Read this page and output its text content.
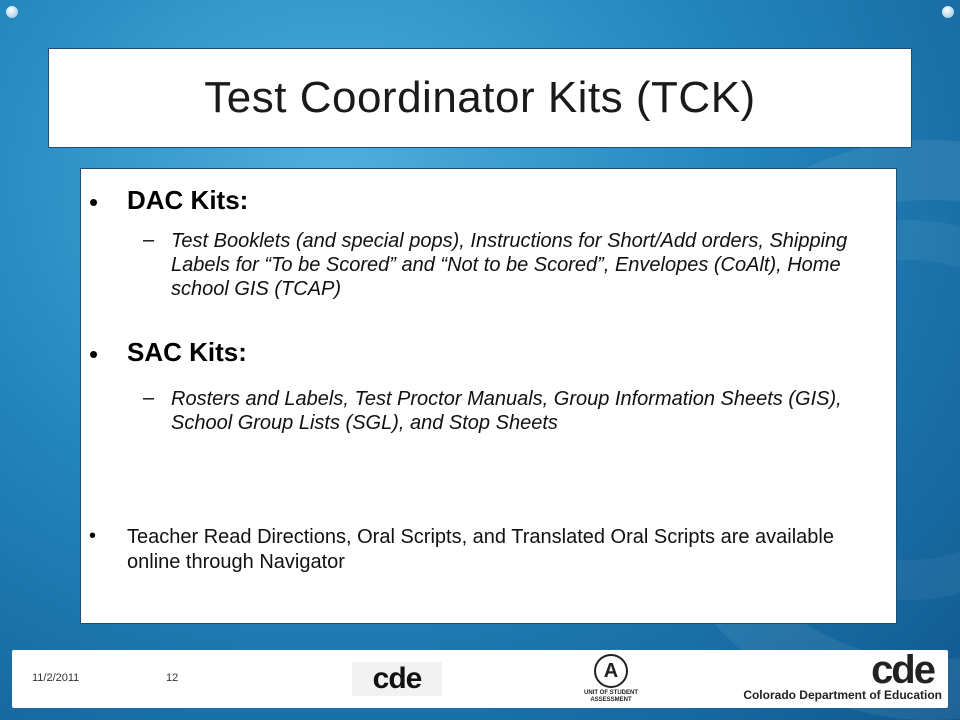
Test Coordinator Kits (TCK)
• DAC Kits:
– Test Booklets (and special pops), Instructions for Short/Add orders, Shipping Labels for “To be Scored” and “Not to be Scored”, Envelopes (CoAlt), Home school GIS (TCAP)
• SAC Kits:
– Rosters and Labels, Test Proctor Manuals, Group Information Sheets (GIS), School Group Lists (SGL), and Stop Sheets
• Teacher Read Directions, Oral Scripts, and Translated Oral Scripts are available online through Navigator
11/2/2011	12	cde	A
UNIT OF STUDENT ASSESSMENT
cde
Colorado Department of Education
